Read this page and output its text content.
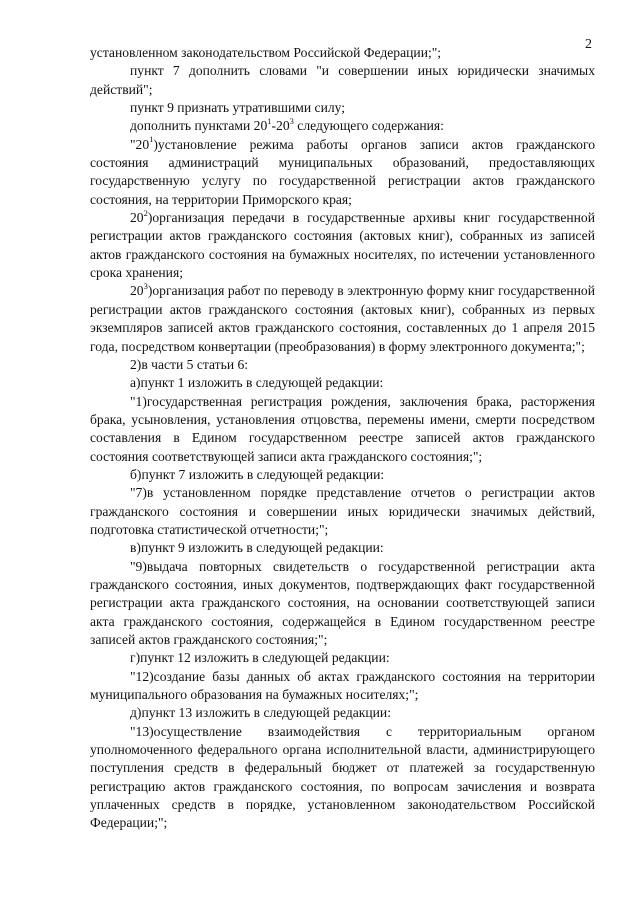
2

установленном законодательством Российской Федерации;";

пункт 7 дополнить словами "и совершении иных юридически значимых действий";

пункт 9 признать утратившими силу;

дополнить пунктами $20^1-20^3$ следующего содержания:

"$20^1)установление$ режима работы органов записи актов гражданского состояния администраций муниципальных образований, предоставляющих государственную услугу по государственной регистрации актов гражданского состояния, на территории Приморского края;

$20^2)организация$ передачи в государственные архивы книг государственной регистрации актов гражданского состояния (актовых книг), собранных из записей актов гражданского состояния на бумажных носителях, по истечении установленного срока хранения;

$20^3)организация$ работ по переводу в электронную форму книг государственной регистрации актов гражданского состояния (актовых книг), собранных из первых экземпляров записей актов гражданского состояния, составленных до 1 апреля 2015 года, посредством конвертации (преобразования) в форму электронного документа;";

2)в части 5 статьи 6:

а)пункт 1 изложить в следующей редакции:

"1)государственная регистрация рождения, заключения брака, расторжения брака, усыновления, установления отцовства, перемены имени, смерти посредством составления в Едином государственном реестре записей актов гражданского состояния соответствующей записи акта гражданского состояния;";

б)пункт 7 изложить в следующей редакции:

"7)в установленном порядке представление отчетов о регистрации актов гражданского состояния и совершении иных юридически значимых действий, подготовка статистической отчетности;";

в)пункт 9 изложить в следующей редакции:

"9)выдача повторных свидетельств о государственной регистрации акта гражданского состояния, иных документов, подтверждающих факт государственной регистрации акта гражданского состояния, на основании соответствующей записи акта гражданского состояния, содержащейся в Едином государственном реестре записей актов гражданского состояния;";

г)пункт 12 изложить в следующей редакции:

"12)создание базы данных об актах гражданского состояния на территории муниципального образования на бумажных носителях;";

д)пункт 13 изложить в следующей редакции:

"13)осуществление взаимодействия с территориальным органом уполномоченного федерального органа исполнительной власти, администрирующего поступления средств в федеральный бюджет от платежей за государственную регистрацию актов гражданского состояния, по вопросам зачисления и возврата уплаченных средств в порядке, установленном законодательством Российской Федерации;";
